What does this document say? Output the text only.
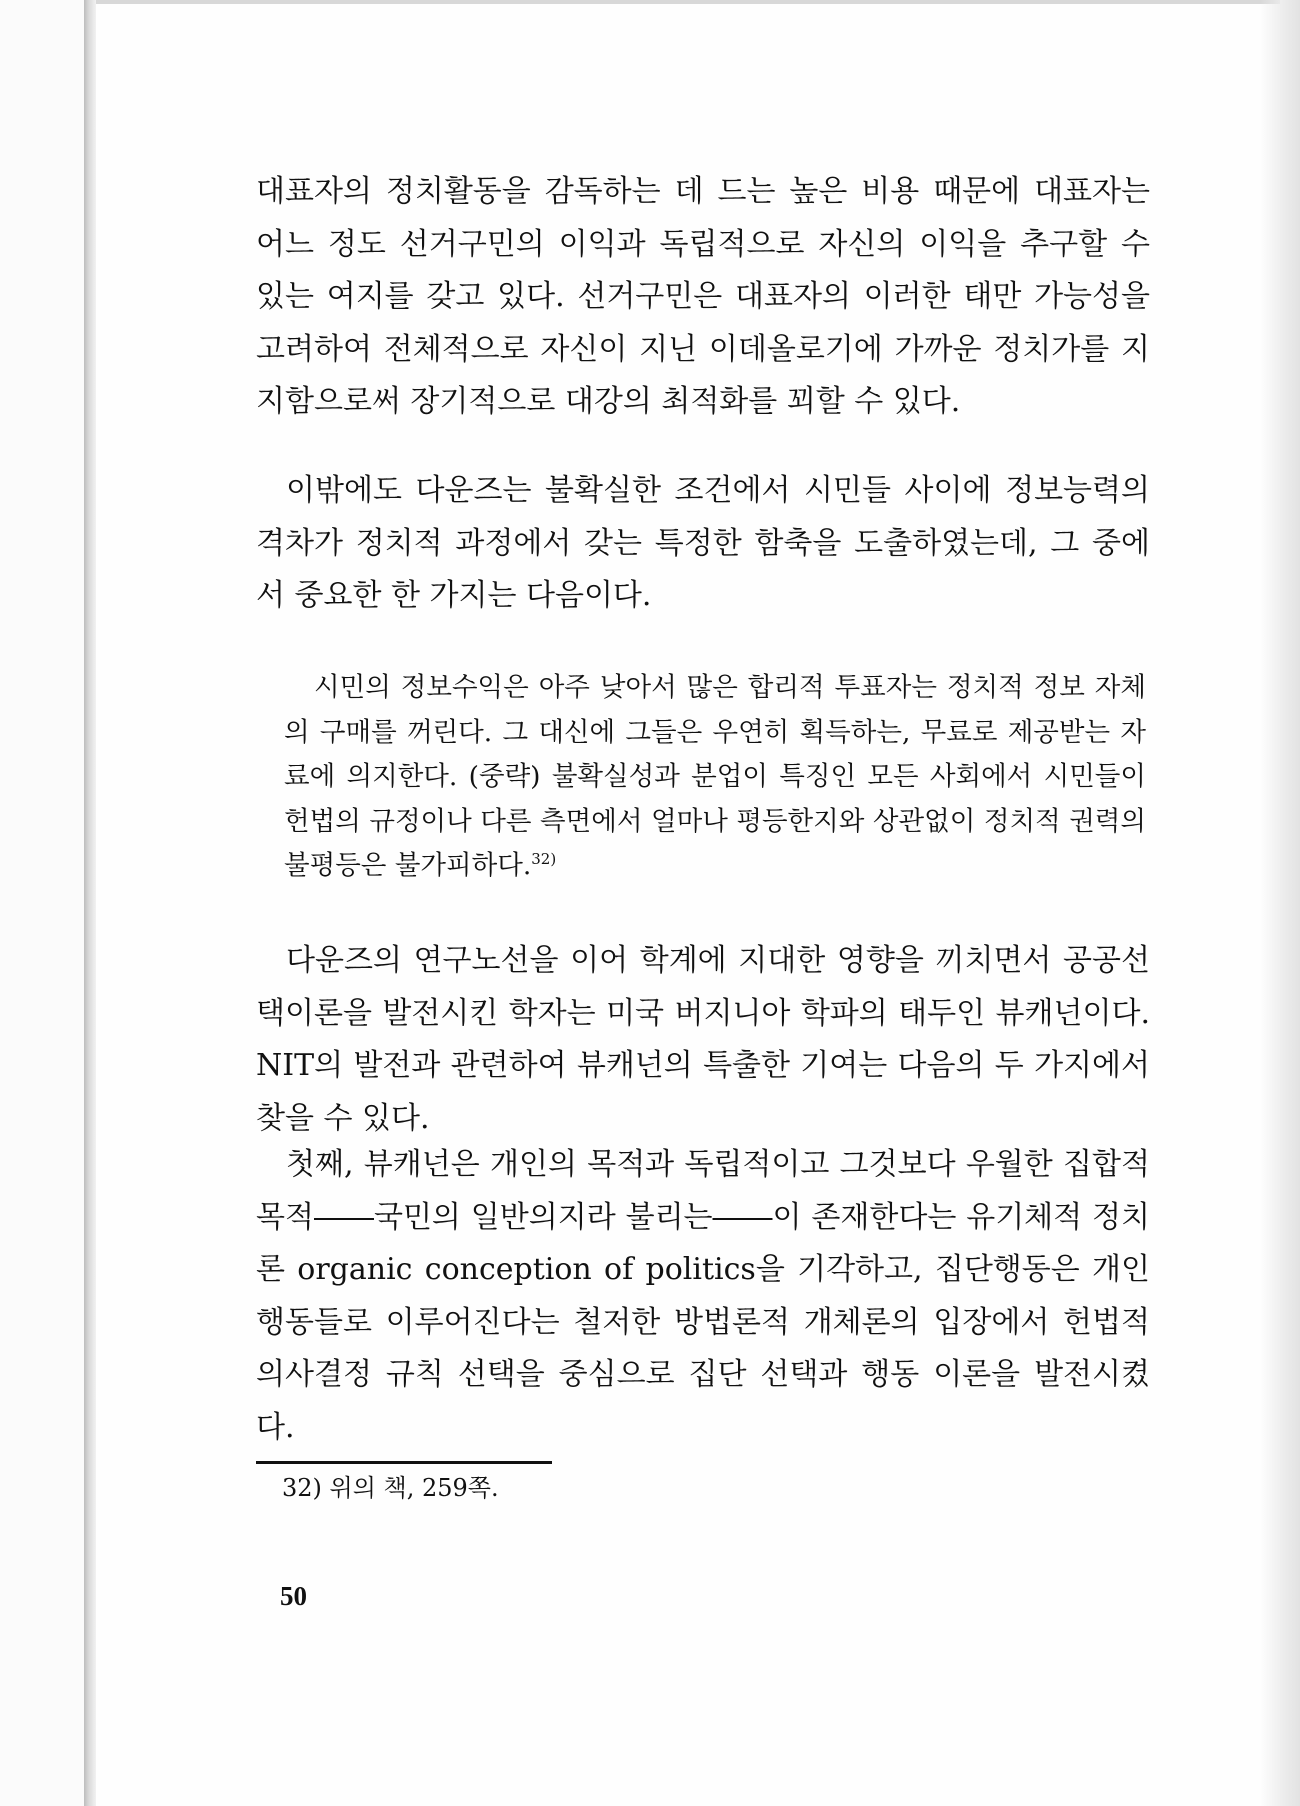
대표자의 정치활동을 감독하는 데 드는 높은 비용 때문에 대표자는 어느 정도 선거구민의 이익과 독립적으로 자신의 이익을 추구할 수 있는 여지를 갖고 있다. 선거구민은 대표자의 이러한 태만 가능성을 고려하여 전체적으로 자신이 지닌 이데올로기에 가까운 정치가를 지지함으로써 장기적으로 대강의 최적화를 꾀할 수 있다.

이밖에도 다운즈는 불확실한 조건에서 시민들 사이에 정보능력의 격차가 정치적 과정에서 갖는 특정한 함축을 도출하였는데, 그 중에서 중요한 한 가지는 다음이다.

시민의 정보수익은 아주 낮아서 많은 합리적 투표자는 정치적 정보 자체의 구매를 꺼린다. 그 대신에 그들은 우연히 획득하는, 무료로 제공받는 자료에 의지한다. (중략) 불확실성과 분업이 특징인 모든 사회에서 시민들이 헌법의 규정이나 다른 측면에서 얼마나 평등한지와 상관없이 정치적 권력의 불평등은 불가피하다.$^{32)}$

다운즈의 연구노선을 이어 학계에 지대한 영향을 끼치면서 공공선택이론을 발전시킨 학자는 미국 버지니아 학파의 태두인 뷰캐넌이다. NIT의 발전과 관련하여 뷰캐넌의 특출한 기여는 다음의 두 가지에서 찾을 수 있다.

첫째, 뷰캐넌은 개인의 목적과 독립적이고 그것보다 우월한 집합적 목적――국민의 일반의지라 불리는――이 존재한다는 유기체적 정치론 organic conception of politics을 기각하고, 집단행동은 개인 행동들로 이루어진다는 철저한 방법론적 개체론의 입장에서 헌법적 의사결정 규칙 선택을 중심으로 집단 선택과 행동 이론을 발전시켰다.

32) 위의 책, 259쪽.
50
